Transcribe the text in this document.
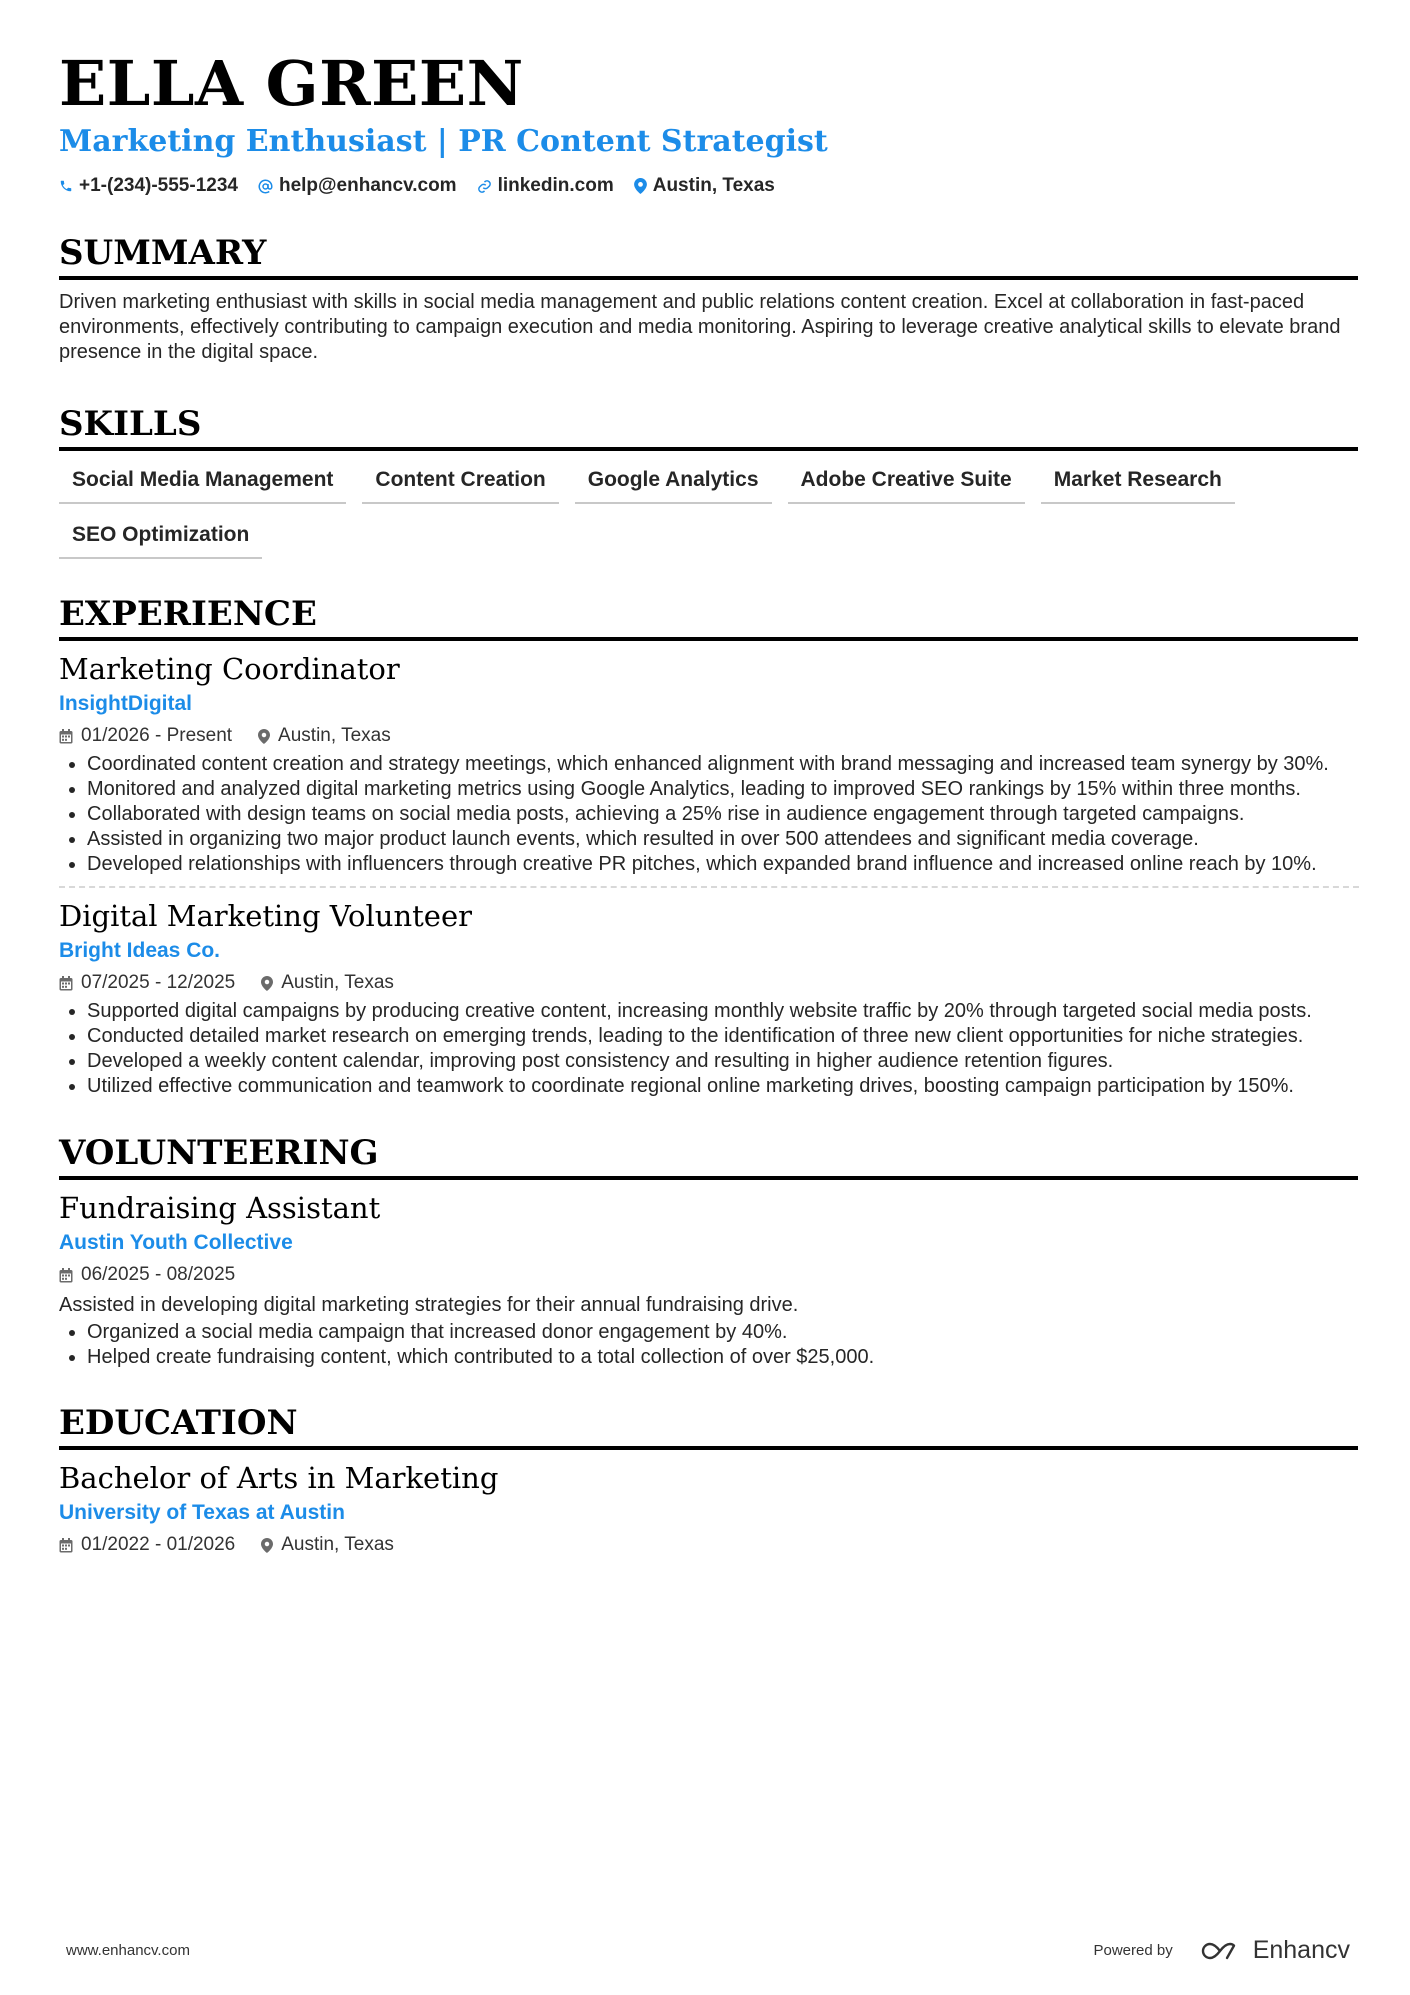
ELLA GREEN
Marketing Enthusiast | PR Content Strategist
+1-(234)-555-1234 help@enhancv.com linkedin.com Austin, Texas
SUMMARY

Driven marketing enthusiast with skills in social media management and public relations content creation. Excel at collaboration in fast-paced environments, effectively contributing to campaign execution and media monitoring. Aspiring to leverage creative analytical skills to elevate brand presence in the digital space.

SKILLS
Social Media Management	Content Creation	Google Analytics	Adobe Creative Suite	Market Research
SEO Optimization
EXPERIENCE
Marketing Coordinator
InsightDigital
01/2026 - Present Austin, Texas
• Coordinated content creation and strategy meetings, which enhanced alignment with brand messaging and increased team synergy by 30%.
• Monitored and analyzed digital marketing metrics using Google Analytics, leading to improved SEO rankings by 15% within three months.
• Collaborated with design teams on social media posts, achieving a 25% rise in audience engagement through targeted campaigns.
• Assisted in organizing two major product launch events, which resulted in over 500 attendees and significant media coverage.
• Developed relationships with influencers through creative PR pitches, which expanded brand influence and increased online reach by 10%.
Digital Marketing Volunteer
Bright Ideas Co.
07/2025 - 12/2025 Austin, Texas
• Supported digital campaigns by producing creative content, increasing monthly website traffic by 20% through targeted social media posts.
• Conducted detailed market research on emerging trends, leading to the identification of three new client opportunities for niche strategies.
• Developed a weekly content calendar, improving post consistency and resulting in higher audience retention figures.
• Utilized effective communication and teamwork to coordinate regional online marketing drives, boosting campaign participation by 150%.
VOLUNTEERING
Fundraising Assistant
Austin Youth Collective
06/2025 - 08/2025
Assisted in developing digital marketing strategies for their annual fundraising drive.
• Organized a social media campaign that increased donor engagement by 40%.
• Helped create fundraising content, which contributed to a total collection of over $25,000.
EDUCATION
Bachelor of Arts in Marketing
University of Texas at Austin
01/2022 - 01/2026 Austin, Texas
www.enhancv.com	Powered by	Enhancv
